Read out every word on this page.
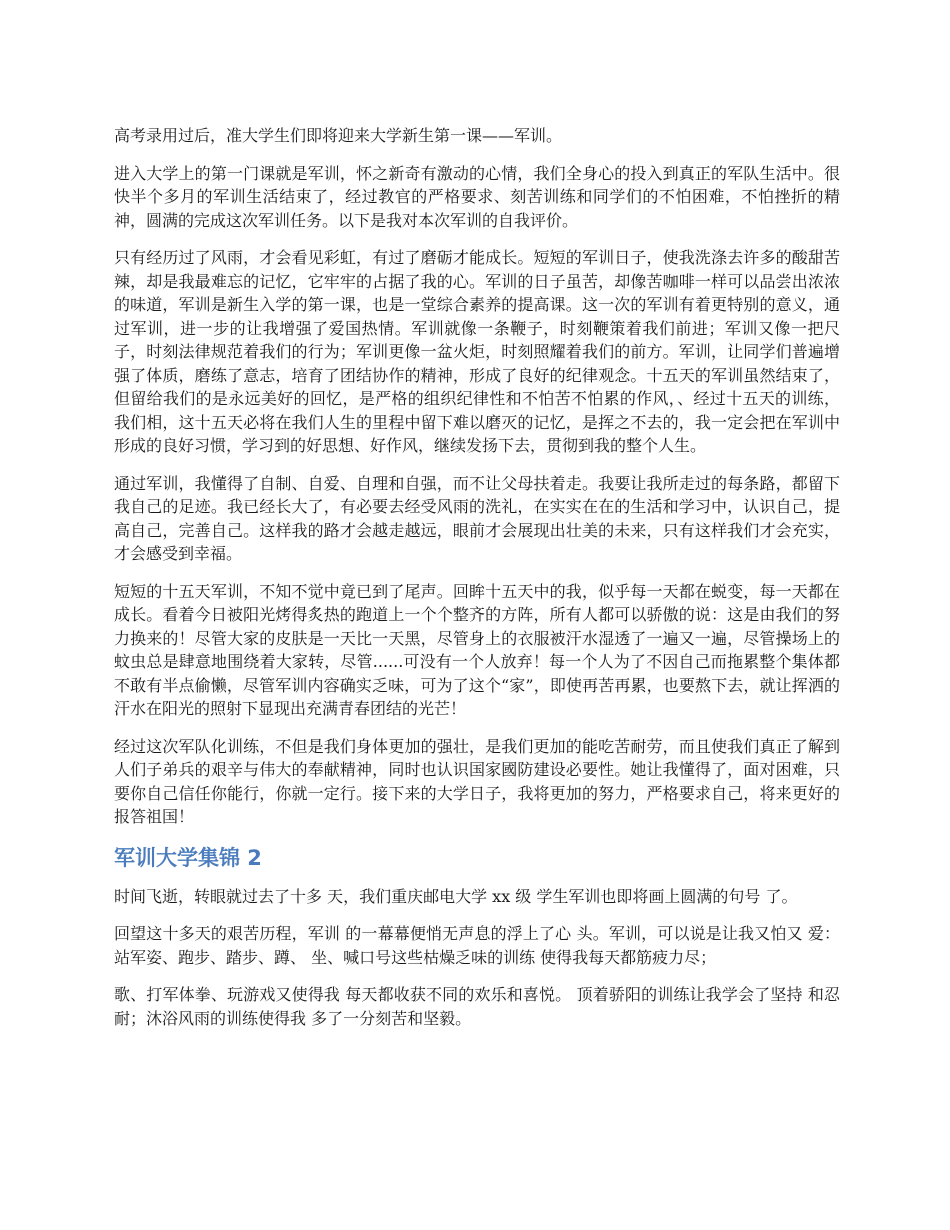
高考录用过后，准大学生们即将迎来大学新生第一课——军训。

进入大学上的第一门课就是军训，怀之新奇有激动的心情，我们全身心的投入到真正的军队生活中。很快半个多月的军训生活结束了，经过教官的严格要求、刻苦训练和同学们的不怕困难，不怕挫折的精神，圆满的完成这次军训任务。以下是我对本次军训的自我评价。

只有经历过了风雨，才会看见彩虹，有过了磨砺才能成长。短短的军训日子，使我洗涤去许多的酸甜苦辣，却是我最难忘的记忆，它牢牢的占据了我的心。军训的日子虽苦，却像苦咖啡一样可以品尝出浓浓的味道，军训是新生入学的第一课，也是一堂综合素养的提高课。这一次的军训有着更特别的意义，通过军训，进一步的让我增强了爱国热情。军训就像一条鞭子，时刻鞭策着我们前进；军训又像一把尺子，时刻法律规范着我们的行为；军训更像一盆火炬，时刻照耀着我们的前方。军训，让同学们普遍增强了体质，磨练了意志，培育了团结协作的精神，形成了良好的纪律观念。十五天的军训虽然结束了，但留给我们的是永远美好的回忆，是严格的组织纪律性和不怕苦不怕累的作风，、经过十五天的训练，我们相，这十五天必将在我们人生的里程中留下难以磨灭的记忆，是挥之不去的，我一定会把在军训中形成的良好习惯，学习到的好思想、好作风，继续发扬下去，贯彻到我的整个人生。

通过军训，我懂得了自制、自爱、自理和自强，而不让父母扶着走。我要让我所走过的每条路，都留下我自己的足迹。我已经长大了，有必要去经受风雨的洗礼，在实实在在的生活和学习中，认识自己，提高自己，完善自己。这样我的路才会越走越远，眼前才会展现出壮美的未来，只有这样我们才会充实，才会感受到幸福。

短短的十五天军训，不知不觉中竟已到了尾声。回眸十五天中的我，似乎每一天都在蜕变，每一天都在成长。看着今日被阳光烤得炙热的跑道上一个个整齐的方阵，所有人都可以骄傲的说：这是由我们的努力换来的！尽管大家的皮肤是一天比一天黑，尽管身上的衣服被汗水湿透了一遍又一遍，尽管操场上的蚊虫总是肆意地围绕着大家转，尽管......可没有一个人放弃！每一个人为了不因自己而拖累整个集体都不敢有半点偷懒，尽管军训内容确实乏味，可为了这个“家”，即使再苦再累，也要熬下去，就让挥洒的汗水在阳光的照射下显现出充满青春团结的光芒！

经过这次军队化训练，不但是我们身体更加的强壮，是我们更加的能吃苦耐劳，而且使我们真正了解到人们子弟兵的艰辛与伟大的奉献精神，同时也认识国家國防建设必要性。她让我懂得了，面对困难，只要你自己信任你能行，你就一定行。接下来的大学日子，我将更加的努力，严格要求自己，将来更好的报答祖国！

军训大学集锦 2

时间飞逝，转眼就过去了十多 天，我们重庆邮电大学 xx 级 学生军训也即将画上圆满的句号 了。

回望这十多天的艰苦历程，军训 的一幕幕便悄无声息的浮上了心 头。军训，可以说是让我又怕又 爱：站军姿、跑步、踏步、蹲、 坐、喊口号这些枯燥乏味的训练 使得我每天都筋疲力尽；

歌、打军体拳、玩游戏又使得我 每天都收获不同的欢乐和喜悦。 顶着骄阳的训练让我学会了坚持 和忍耐；沐浴风雨的训练使得我 多了一分刻苦和坚毅。
